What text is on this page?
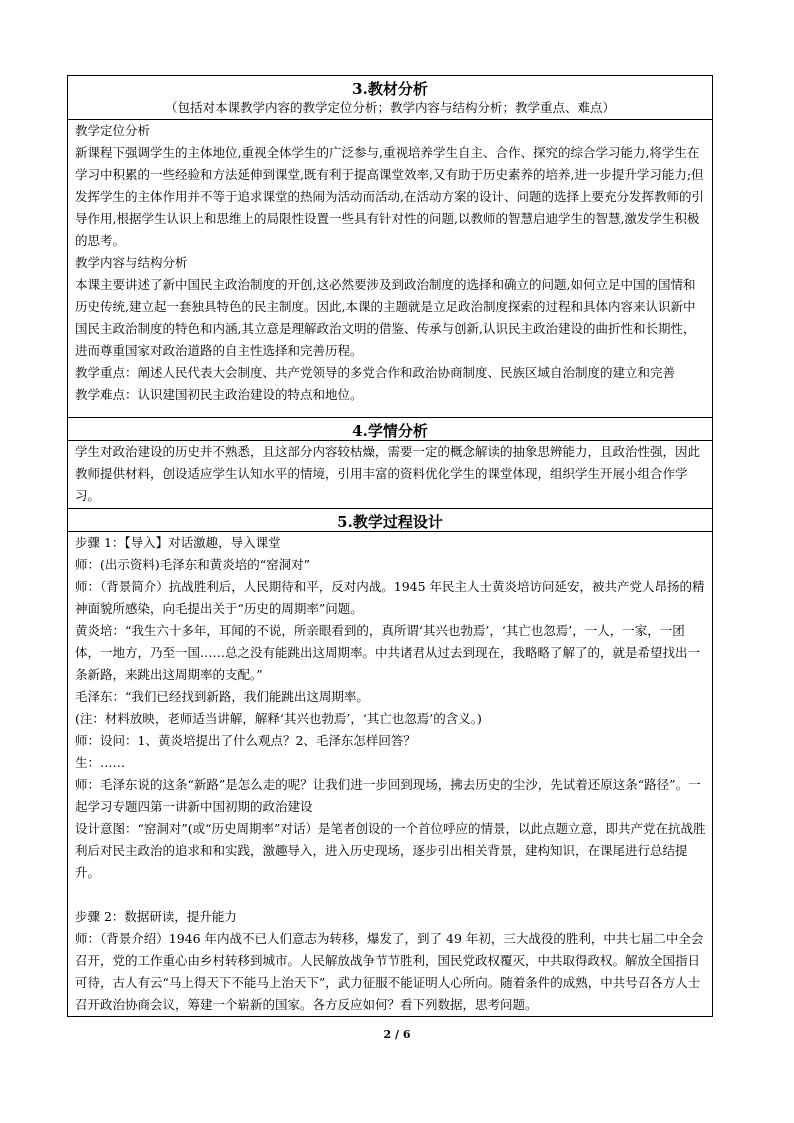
3.教材分析
（包括对本课教学内容的教学定位分析；教学内容与结构分析；教学重点、难点）

教学定位分析

新课程下强调学生的主体地位,重视全体学生的广泛参与,重视培养学生自主、合作、探究的综合学习能力,将学生在学习中积累的一些经验和方法延伸到课堂,既有利于提高课堂效率,又有助于历史素养的培养,进一步提升学习能力;但发挥学生的主体作用并不等于追求课堂的热闹为活动而活动,在活动方案的设计、问题的选择上要充分发挥教师的引导作用,根据学生认识上和思维上的局限性设置一些具有针对性的问题,以教师的智慧启迪学生的智慧,激发学生积极的思考。

教学内容与结构分析

本课主要讲述了新中国民主政治制度的开创,这必然要涉及到政治制度的选择和确立的问题,如何立足中国的国情和历史传统,建立起一套独具特色的民主制度。因此,本课的主题就是立足政治制度探索的过程和具体内容来认识新中国民主政治制度的特色和内涵,其立意是理解政治文明的借鉴、传承与创新,认识民主政治建设的曲折性和长期性，进而尊重国家对政治道路的自主性选择和完善历程。

教学重点：阐述人民代表大会制度、共产党领导的多党合作和政治协商制度、民族区域自治制度的建立和完善

教学难点：认识建国初民主政治建设的特点和地位。

4.学情分析

学生对政治建设的历史并不熟悉，且这部分内容较枯燥，需要一定的概念解读的抽象思辨能力，且政治性强，因此教师提供材料，创设适应学生认知水平的情境，引用丰富的资料优化学生的课堂体现，组织学生开展小组合作学习。

5.教学过程设计

步骤 1：【导入】对话激趣，导入课堂

师：(出示资料)毛泽东和黄炎培的“窑洞对”

师：（背景简介）抗战胜利后，人民期待和平，反对内战。1945 年民主人士黄炎培访问延安，被共产党人昂扬的精神面貌所感染，向毛提出关于“历史的周期率”问题。

黄炎培：“我生六十多年，耳闻的不说，所亲眼看到的，真所谓‘其兴也勃焉’，‘其亡也忽焉’，一人，一家，一团体，一地方，乃至一国……总之没有能跳出这周期率。中共诸君从过去到现在，我略略了解了的，就是希望找出一条新路，来跳出这周期率的支配。”

毛泽东：“我们已经找到新路，我们能跳出这周期率。

(注：材料放映，老师适当讲解，解释‘其兴也勃焉’，‘其亡也忽焉’的含义。)

师：设问：1、黄炎培提出了什么观点？2、毛泽东怎样回答？

生：……

师：毛泽东说的这条“新路”是怎么走的呢？让我们进一步回到现场，拂去历史的尘沙，先试着还原这条“路径”。一起学习专题四第一讲新中国初期的政治建设

设计意图：“窑洞对”(或“历史周期率”对话）是笔者创设的一个首位呼应的情景，以此点题立意，即共产党在抗战胜利后对民主政治的追求和和实践，激趣导入，进入历史现场，逐步引出相关背景，建构知识，在课尾进行总结提升。

步骤 2：数据研读，提升能力

师：（背景介绍）1946 年内战不已人们意志为转移，爆发了，到了 49 年初，三大战役的胜利，中共七届二中全会召开，党的工作重心由乡村转移到城市。人民解放战争节节胜利，国民党政权覆灭，中共取得政权。解放全国指日可待，古人有云“马上得天下不能马上治天下”，武力征服不能证明人心所向。随着条件的成熟，中共号召各方人士召开政治协商会议，筹建一个崭新的国家。各方反应如何？看下列数据，思考问题。

2 / 6
